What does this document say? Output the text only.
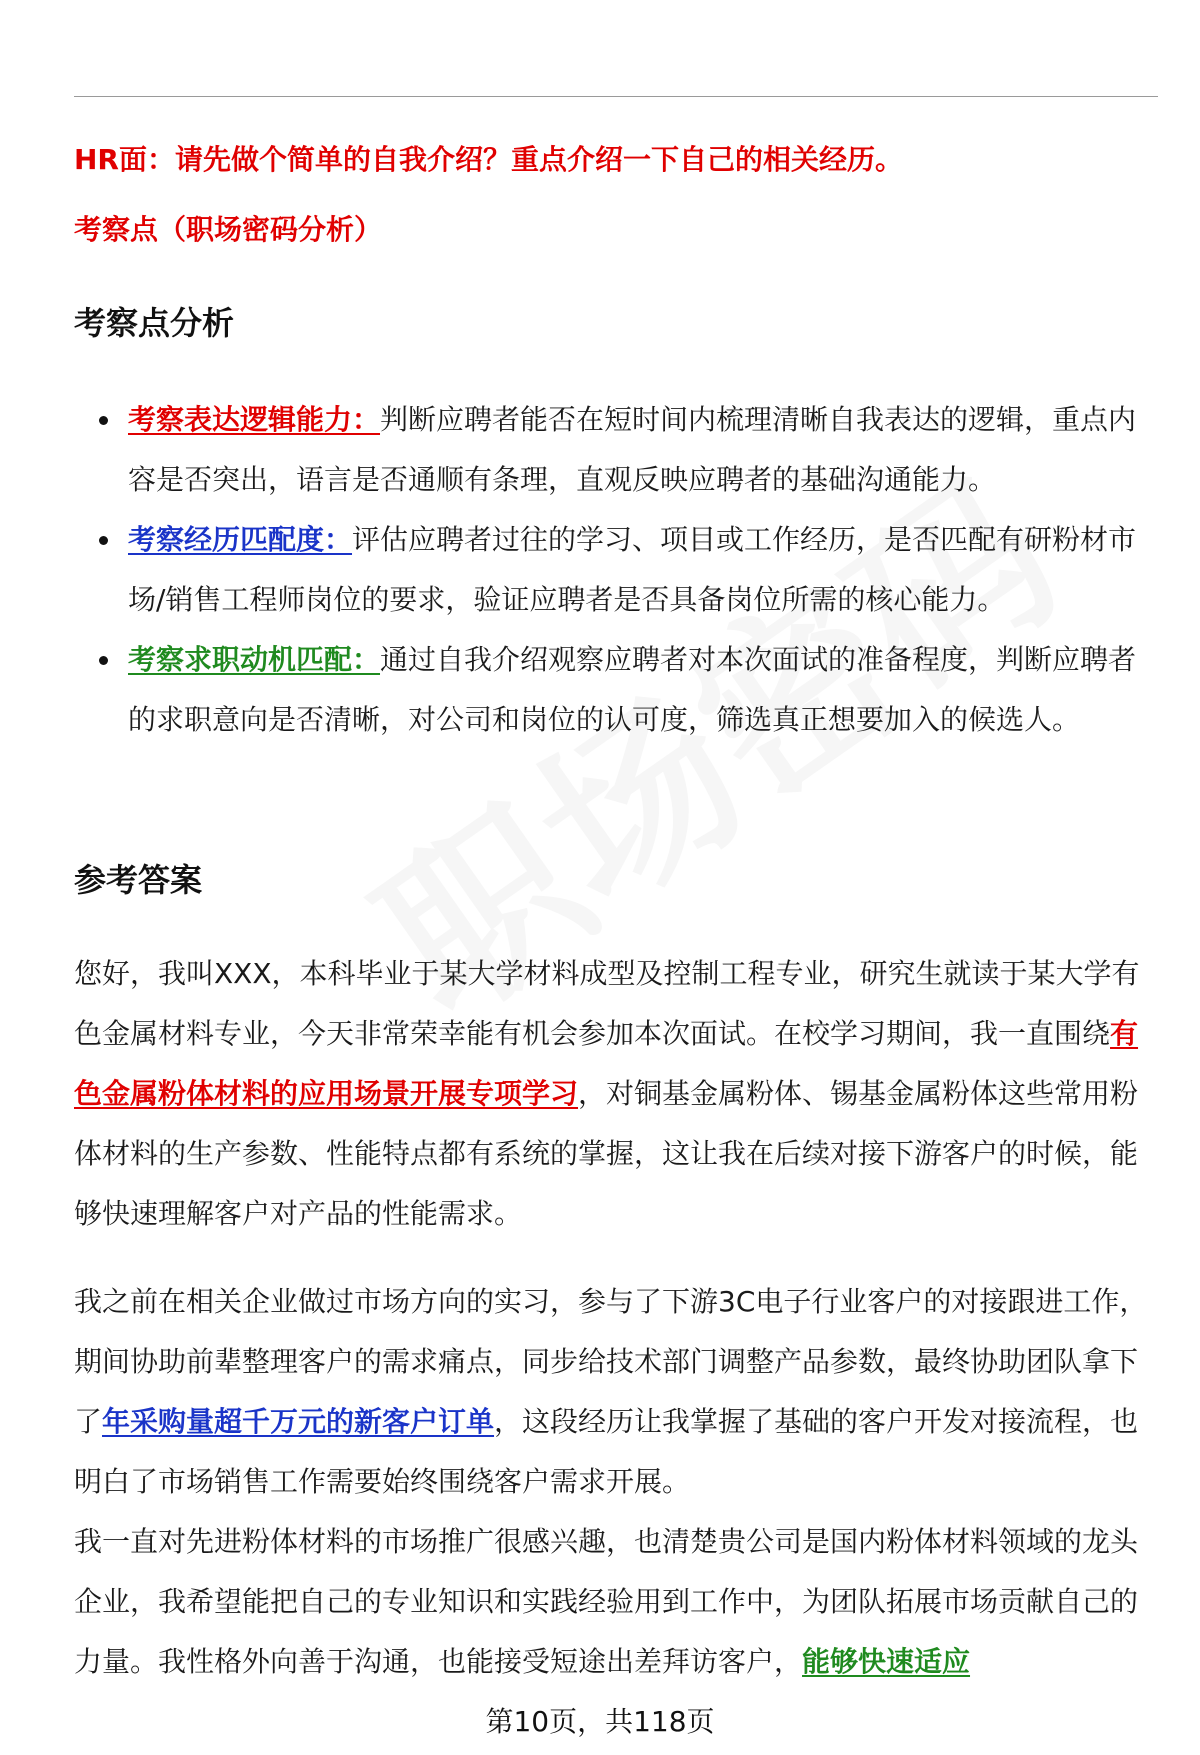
HR面：请先做个简单的自我介绍？重点介绍一下自己的相关经历。
考察点（职场密码分析）
考察点分析
考察表达逻辑能力：判断应聘者能否在短时间内梳理清晰自我表达的逻辑，重点内容是否突出，语言是否通顺有条理，直观反映应聘者的基础沟通能力。
考察经历匹配度：评估应聘者过往的学习、项目或工作经历，是否匹配有研粉材市场/销售工程师岗位的要求，验证应聘者是否具备岗位所需的核心能力。
考察求职动机匹配：通过自我介绍观察应聘者对本次面试的准备程度，判断应聘者的求职意向是否清晰，对公司和岗位的认可度，筛选真正想要加入的候选人。
参考答案

您好，我叫XXX，本科毕业于某大学材料成型及控制工程专业，研究生就读于某大学有色金属材料专业，今天非常荣幸能有机会参加本次面试。在校学习期间，我一直围绕有色金属粉体材料的应用场景开展专项学习，对铜基金属粉体、锡基金属粉体这些常用粉体材料的生产参数、性能特点都有系统的掌握，这让我在后续对接下游客户的时候，能够快速理解客户对产品的性能需求。

我之前在相关企业做过市场方向的实习，参与了下游3C电子行业客户的对接跟进工作，期间协助前辈整理客户的需求痛点，同步给技术部门调整产品参数，最终协助团队拿下了年采购量超千万元的新客户订单，这段经历让我掌握了基础的客户开发对接流程，也明白了市场销售工作需要始终围绕客户需求开展。

我一直对先进粉体材料的市场推广很感兴趣，也清楚贵公司是国内粉体材料领域的龙头企业，我希望能把自己的专业知识和实践经验用到工作中，为团队拓展市场贡献自己的力量。我性格外向善于沟通，也能接受短途出差拜访客户，能够快速适应

第10页，共118页
